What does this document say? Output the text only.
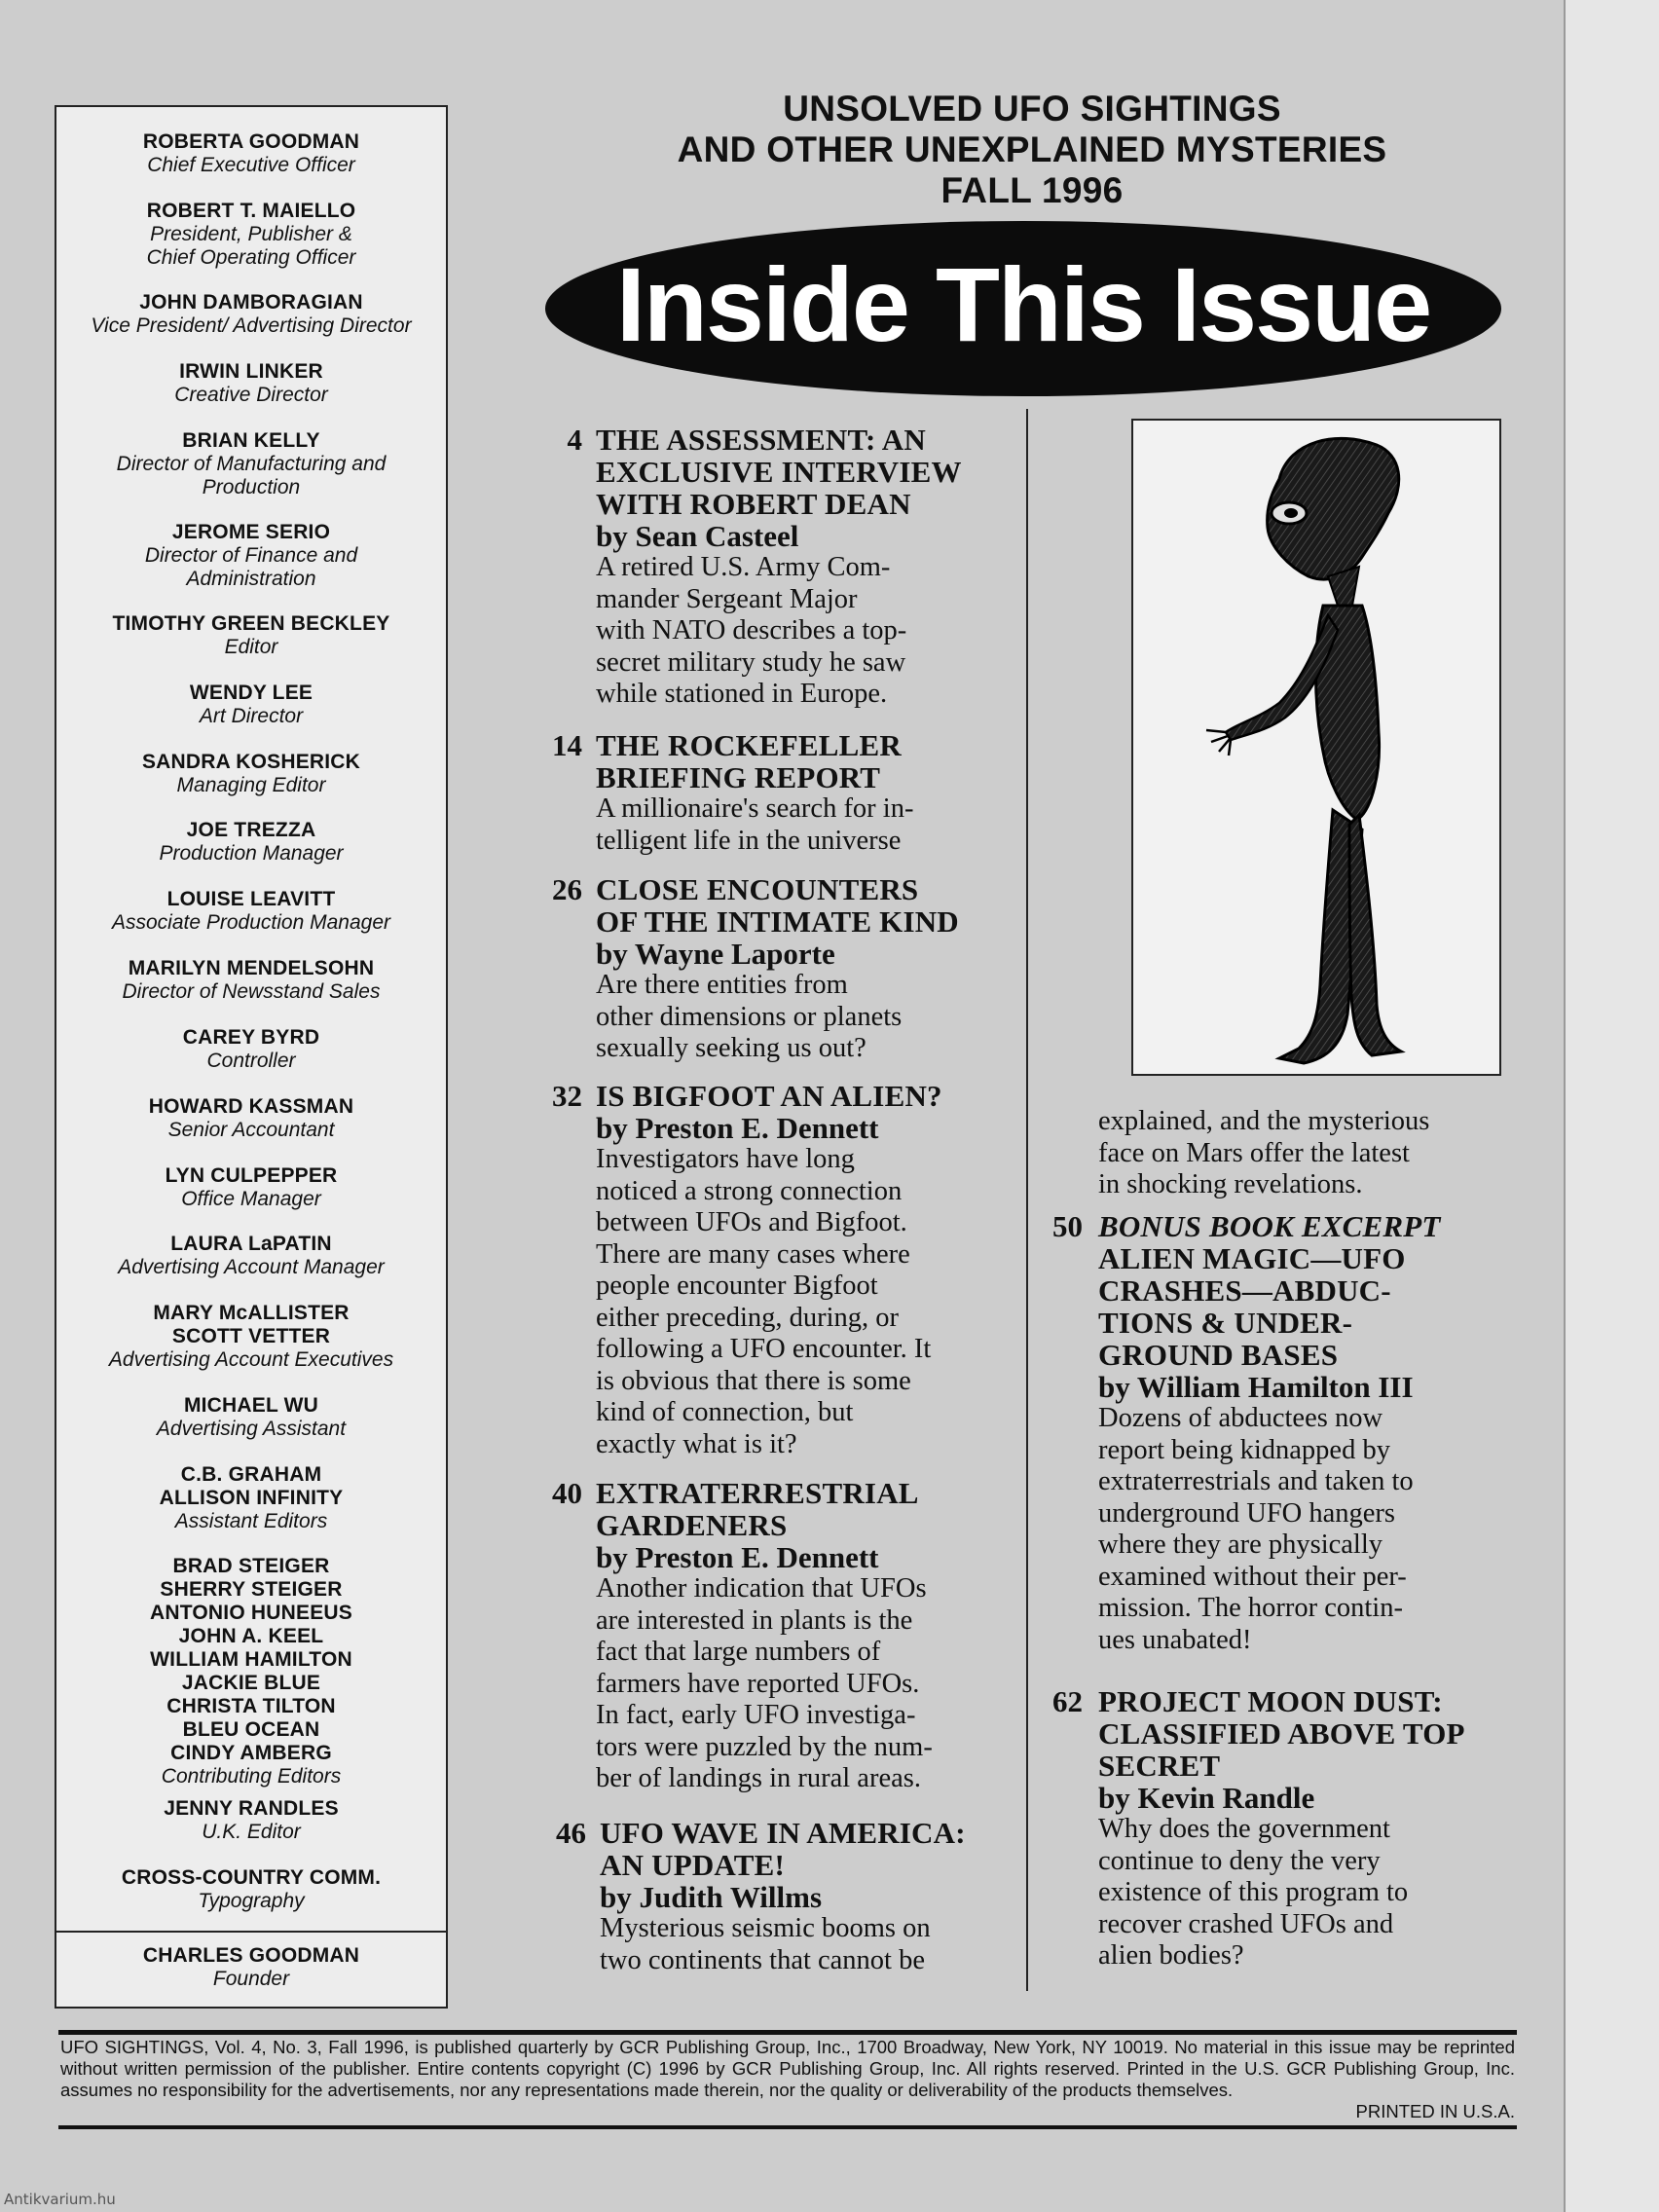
ROBERTA GOODMAN
Chief Executive Officer
ROBERT T. MAIELLO
President, Publisher &
Chief Operating Officer
JOHN DAMBORAGIAN
Vice President/ Advertising Director
IRWIN LINKER
Creative Director
BRIAN KELLY
Director of Manufacturing and
Production
JEROME SERIO
Director of Finance and
Administration
TIMOTHY GREEN BECKLEY
Editor
WENDY LEE
Art Director
SANDRA KOSHERICK
Managing Editor
JOE TREZZA
Production Manager
LOUISE LEAVITT
Associate Production Manager
MARILYN MENDELSOHN
Director of Newsstand Sales
CAREY BYRD
Controller
HOWARD KASSMAN
Senior Accountant
LYN CULPEPPER
Office Manager
LAURA LaPATIN
Advertising Account Manager
MARY McALLISTER
SCOTT VETTER
Advertising Account Executives
MICHAEL WU
Advertising Assistant
C.B. GRAHAM
ALLISON INFINITY
Assistant Editors
BRAD STEIGER
SHERRY STEIGER
ANTONIO HUNEEUS
JOHN A. KEEL
WILLIAM HAMILTON
JACKIE BLUE
CHRISTA TILTON
BLEU OCEAN
CINDY AMBERG
Contributing Editors
JENNY RANDLES
U.K. Editor
CROSS-COUNTRY COMM.
Typography
CHARLES GOODMAN
Founder
UNSOLVED UFO SIGHTINGS
AND OTHER UNEXPLAINED MYSTERIES
FALL 1996
Inside This Issue
4 THE ASSESSMENT: AN
EXCLUSIVE INTERVIEW
WITH ROBERT DEAN
by Sean Casteel
A retired U.S. Army Com-
mander Sergeant Major
with NATO describes a top-
secret military study he saw
while stationed in Europe.
14 THE ROCKEFELLER
BRIEFING REPORT
A millionaire's search for in-
telligent life in the universe
26 CLOSE ENCOUNTERS
OF THE INTIMATE KIND
by Wayne Laporte
Are there entities from
other dimensions or planets
sexually seeking us out?
32 IS BIGFOOT AN ALIEN?
by Preston E. Dennett
Investigators have long
noticed a strong connection
between UFOs and Bigfoot.
There are many cases where
people encounter Bigfoot
either preceding, during, or
following a UFO encounter. It
is obvious that there is some
kind of connection, but
exactly what is it?
40 EXTRATERRESTRIAL
GARDENERS
by Preston E. Dennett
Another indication that UFOs
are interested in plants is the
fact that large numbers of
farmers have reported UFOs.
In fact, early UFO investiga-
tors were puzzled by the num-
ber of landings in rural areas.
46 UFO WAVE IN AMERICA:
AN UPDATE!
by Judith Willms
Mysterious seismic booms on
two continents that cannot be
explained, and the mysterious
face on Mars offer the latest
in shocking revelations.
50 BONUS BOOK EXCERPT
ALIEN MAGIC—UFO
CRASHES—ABDUC-
TIONS & UNDER-
GROUND BASES
by William Hamilton III
Dozens of abductees now
report being kidnapped by
extraterrestrials and taken to
underground UFO hangers
where they are physically
examined without their per-
mission. The horror contin-
ues unabated!
62 PROJECT MOON DUST:
CLASSIFIED ABOVE TOP
SECRET
by Kevin Randle
Why does the government
continue to deny the very
existence of this program to
recover crashed UFOs and
alien bodies?
UFO SIGHTINGS, Vol. 4, No. 3, Fall 1996, is published quarterly by GCR Publishing Group, Inc., 1700 Broadway, New York, NY 10019. No material in this issue may be reprinted without written permission of the publisher. Entire contents copyright (C) 1996 by GCR Publishing Group, Inc. All rights reserved. Printed in the U.S. GCR Publishing Group, Inc. assumes no responsibility for the advertisements, nor any representations made therein, nor the quality or deliverability of the products themselves.
PRINTED IN U.S.A.
Antikvarium.hu
